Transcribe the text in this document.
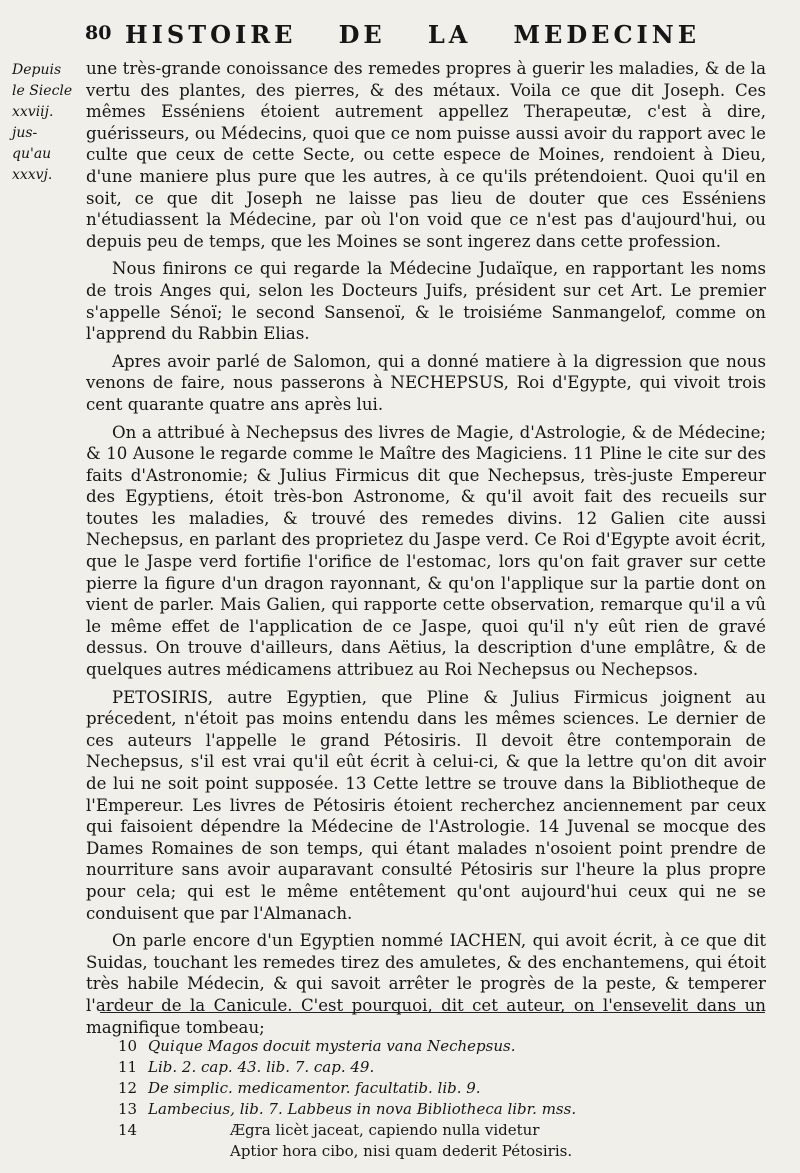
80 HISTOIRE DE LA MEDECINE
Depuis
le Siecle
xxviij.
jus-
qu'au
xxxvj.

une très-grande conoissance des remedes propres à guerir les maladies, & de la vertu des plantes, des pierres, & des métaux. Voila ce que dit Joseph. Ces mêmes Esséniens étoient autrement appellez Therapeutæ, c'est à dire, guérisseurs, ou Médecins, quoi que ce nom puisse aussi avoir du rapport avec le culte que ceux de cette Secte, ou cette espece de Moines, rendoient à Dieu, d'une maniere plus pure que les autres, à ce qu'ils prétendoient. Quoi qu'il en soit, ce que dit Joseph ne laisse pas lieu de douter que ces Esséniens n'étudiassent la Médecine, par où l'on void que ce n'est pas d'aujourd'hui, ou depuis peu de temps, que les Moines se sont ingerez dans cette profession.

Nous finirons ce qui regarde la Médecine Judaïque, en rapportant les noms de trois Anges qui, selon les Docteurs Juifs, président sur cet Art. Le premier s'appelle Sénoï; le second Sansenoï, & le troisiéme Sanmangelof, comme on l'apprend du Rabbin Elias.

Apres avoir parlé de Salomon, qui a donné matiere à la digression que nous venons de faire, nous passerons à NECHEPSUS, Roi d'Egypte, qui vivoit trois cent quarante quatre ans après lui.

On a attribué à Nechepsus des livres de Magie, d'Astrologie, & de Médecine; & 10 Ausone le regarde comme le Maître des Magiciens. 11 Pline le cite sur des faits d'Astronomie; & Julius Firmicus dit que Nechepsus, très-juste Empereur des Egyptiens, étoit très-bon Astronome, & qu'il avoit fait des recueils sur toutes les maladies, & trouvé des remedes divins. 12 Galien cite aussi Nechepsus, en parlant des proprietez du Jaspe verd. Ce Roi d'Egypte avoit écrit, que le Jaspe verd fortifie l'orifice de l'estomac, lors qu'on fait graver sur cette pierre la figure d'un dragon rayonnant, & qu'on l'applique sur la partie dont on vient de parler. Mais Galien, qui rapporte cette observation, remarque qu'il a vû le même effet de l'application de ce Jaspe, quoi qu'il n'y eût rien de gravé dessus. On trouve d'ailleurs, dans Aëtius, la description d'une emplâtre, & de quelques autres médicamens attribuez au Roi Nechepsus ou Nechepsos.

PETOSIRIS, autre Egyptien, que Pline & Julius Firmicus joignent au précedent, n'étoit pas moins entendu dans les mêmes sciences. Le dernier de ces auteurs l'appelle le grand Pétosiris. Il devoit être contemporain de Nechepsus, s'il est vrai qu'il eût écrit à celui-ci, & que la lettre qu'on dit avoir de lui ne soit point supposée. 13 Cette lettre se trouve dans la Bibliotheque de l'Empereur. Les livres de Pétosiris étoient recherchez anciennement par ceux qui faisoient dépendre la Médecine de l'Astrologie. 14 Juvenal se mocque des Dames Romaines de son temps, qui étant malades n'osoient point prendre de nourriture sans avoir auparavant consulté Pétosiris sur l'heure la plus propre pour cela; qui est le même entêtement qu'ont aujourd'hui ceux qui ne se conduisent que par l'Almanach.

On parle encore d'un Egyptien nommé IACHEN, qui avoit écrit, à ce que dit Suidas, touchant les remedes tirez des amuletes, & des enchantemens, qui étoit très habile Médecin, & qui savoit arrêter le progrès de la peste, & temperer l'ardeur de la Canicule. C'est pourquoi, dit cet auteur, on l'ensevelit dans un magnifique tombeau;

10 Quique Magos docuit mysteria vana Nechepsus.
11 Lib. 2. cap. 43. lib. 7. cap. 49.
12 De simplic. medicamentor. facultatib. lib. 9.
13 Lambecius, lib. 7. Labbeus in nova Bibliotheca libr. mss.
14	Ægra licèt jaceat, capiendo nulla videtur
Aptior hora cibo, nisi quam dederit Pétosiris.
